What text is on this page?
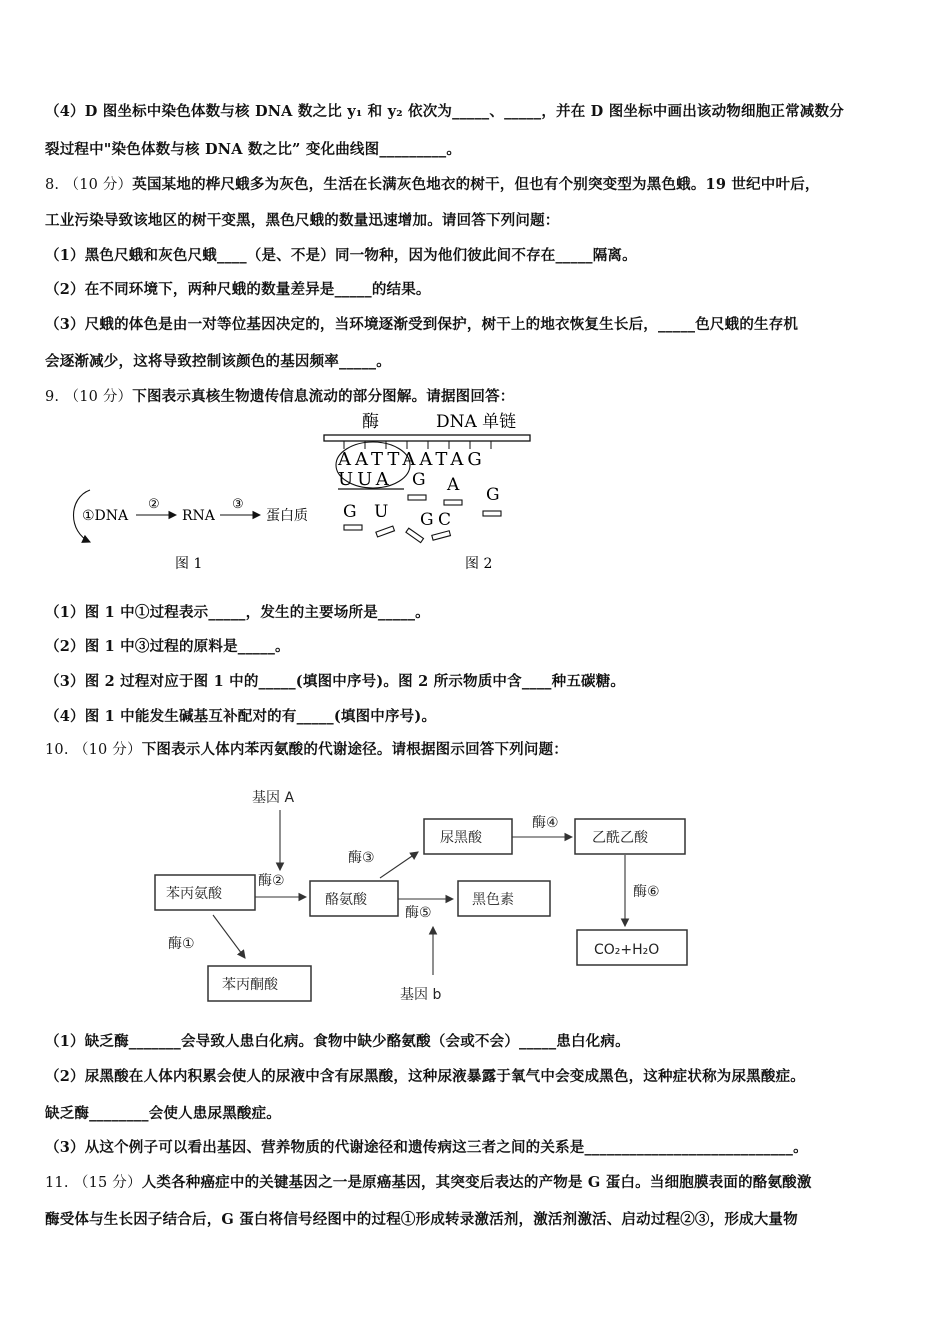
（4）D 图坐标中染色体数与核 DNA 数之比 y₁ 和 y₂ 依次为_____、_____，并在 D 图坐标中画出该动物细胞正常减数分
裂过程中"染色体数与核 DNA 数之比” 变化曲线图_________。
8. （10 分）英国某地的桦尺蛾多为灰色，生活在长满灰色地衣的树干，但也有个别突变型为黑色蛾。19 世纪中叶后，
工业污染导致该地区的树干变黑，黑色尺蛾的数量迅速增加。请回答下列问题：
（1）黑色尺蛾和灰色尺蛾____（是、不是）同一物种，因为他们彼此间不存在_____隔离。
（2）在不同环境下，两种尺蛾的数量差异是_____的结果。
（3）尺蛾的体色是由一对等位基因决定的，当环境逐渐受到保护，树干上的地衣恢复生长后，_____色尺蛾的生存机
会逐渐减少，这将导致控制该颜色的基因频率_____。
9. （10 分）下图表示真核生物遗传信息流动的部分图解。请据图回答：
①DNA
②
RNA
③
蛋白质
图 1
酶	DNA 单链
AATTAATAG
UUA G A G
G U G C
图 2
（1）图 1 中①过程表示_____，发生的主要场所是_____。
（2）图 1 中③过程的原料是_____。
（3）图 2 过程对应于图 1 中的_____(填图中序号)。图 2 所示物质中含____种五碳糖。
（4）图 1 中能发生碱基互补配对的有_____(填图中序号)。
10. （10 分）下图表示人体内苯丙氨酸的代谢途径。请根据图示回答下列问题：
基因 A
苯丙氨酸
酶②
酪氨酸
酶③
尿黑酸
酶④
乙酰乙酸
酶⑥
CO₂+H₂O
酶⑤
黑色素
基因 b
酶①
苯丙酮酸
（1）缺乏酶_______会导致人患白化病。食物中缺少酪氨酸（会或不会）_____患白化病。
（2）尿黑酸在人体内积累会使人的尿液中含有尿黑酸，这种尿液暴露于氧气中会变成黑色，这种症状称为尿黑酸症。
缺乏酶________会使人患尿黑酸症。
（3）从这个例子可以看出基因、营养物质的代谢途径和遗传病这三者之间的关系是____________________________。
11. （15 分）人类各种癌症中的关键基因之一是原癌基因，其突变后表达的产物是 G 蛋白。当细胞膜表面的酪氨酸激
酶受体与生长因子结合后，G 蛋白将信号经图中的过程①形成转录激活剂，激活剂激活、启动过程②③，形成大量物
